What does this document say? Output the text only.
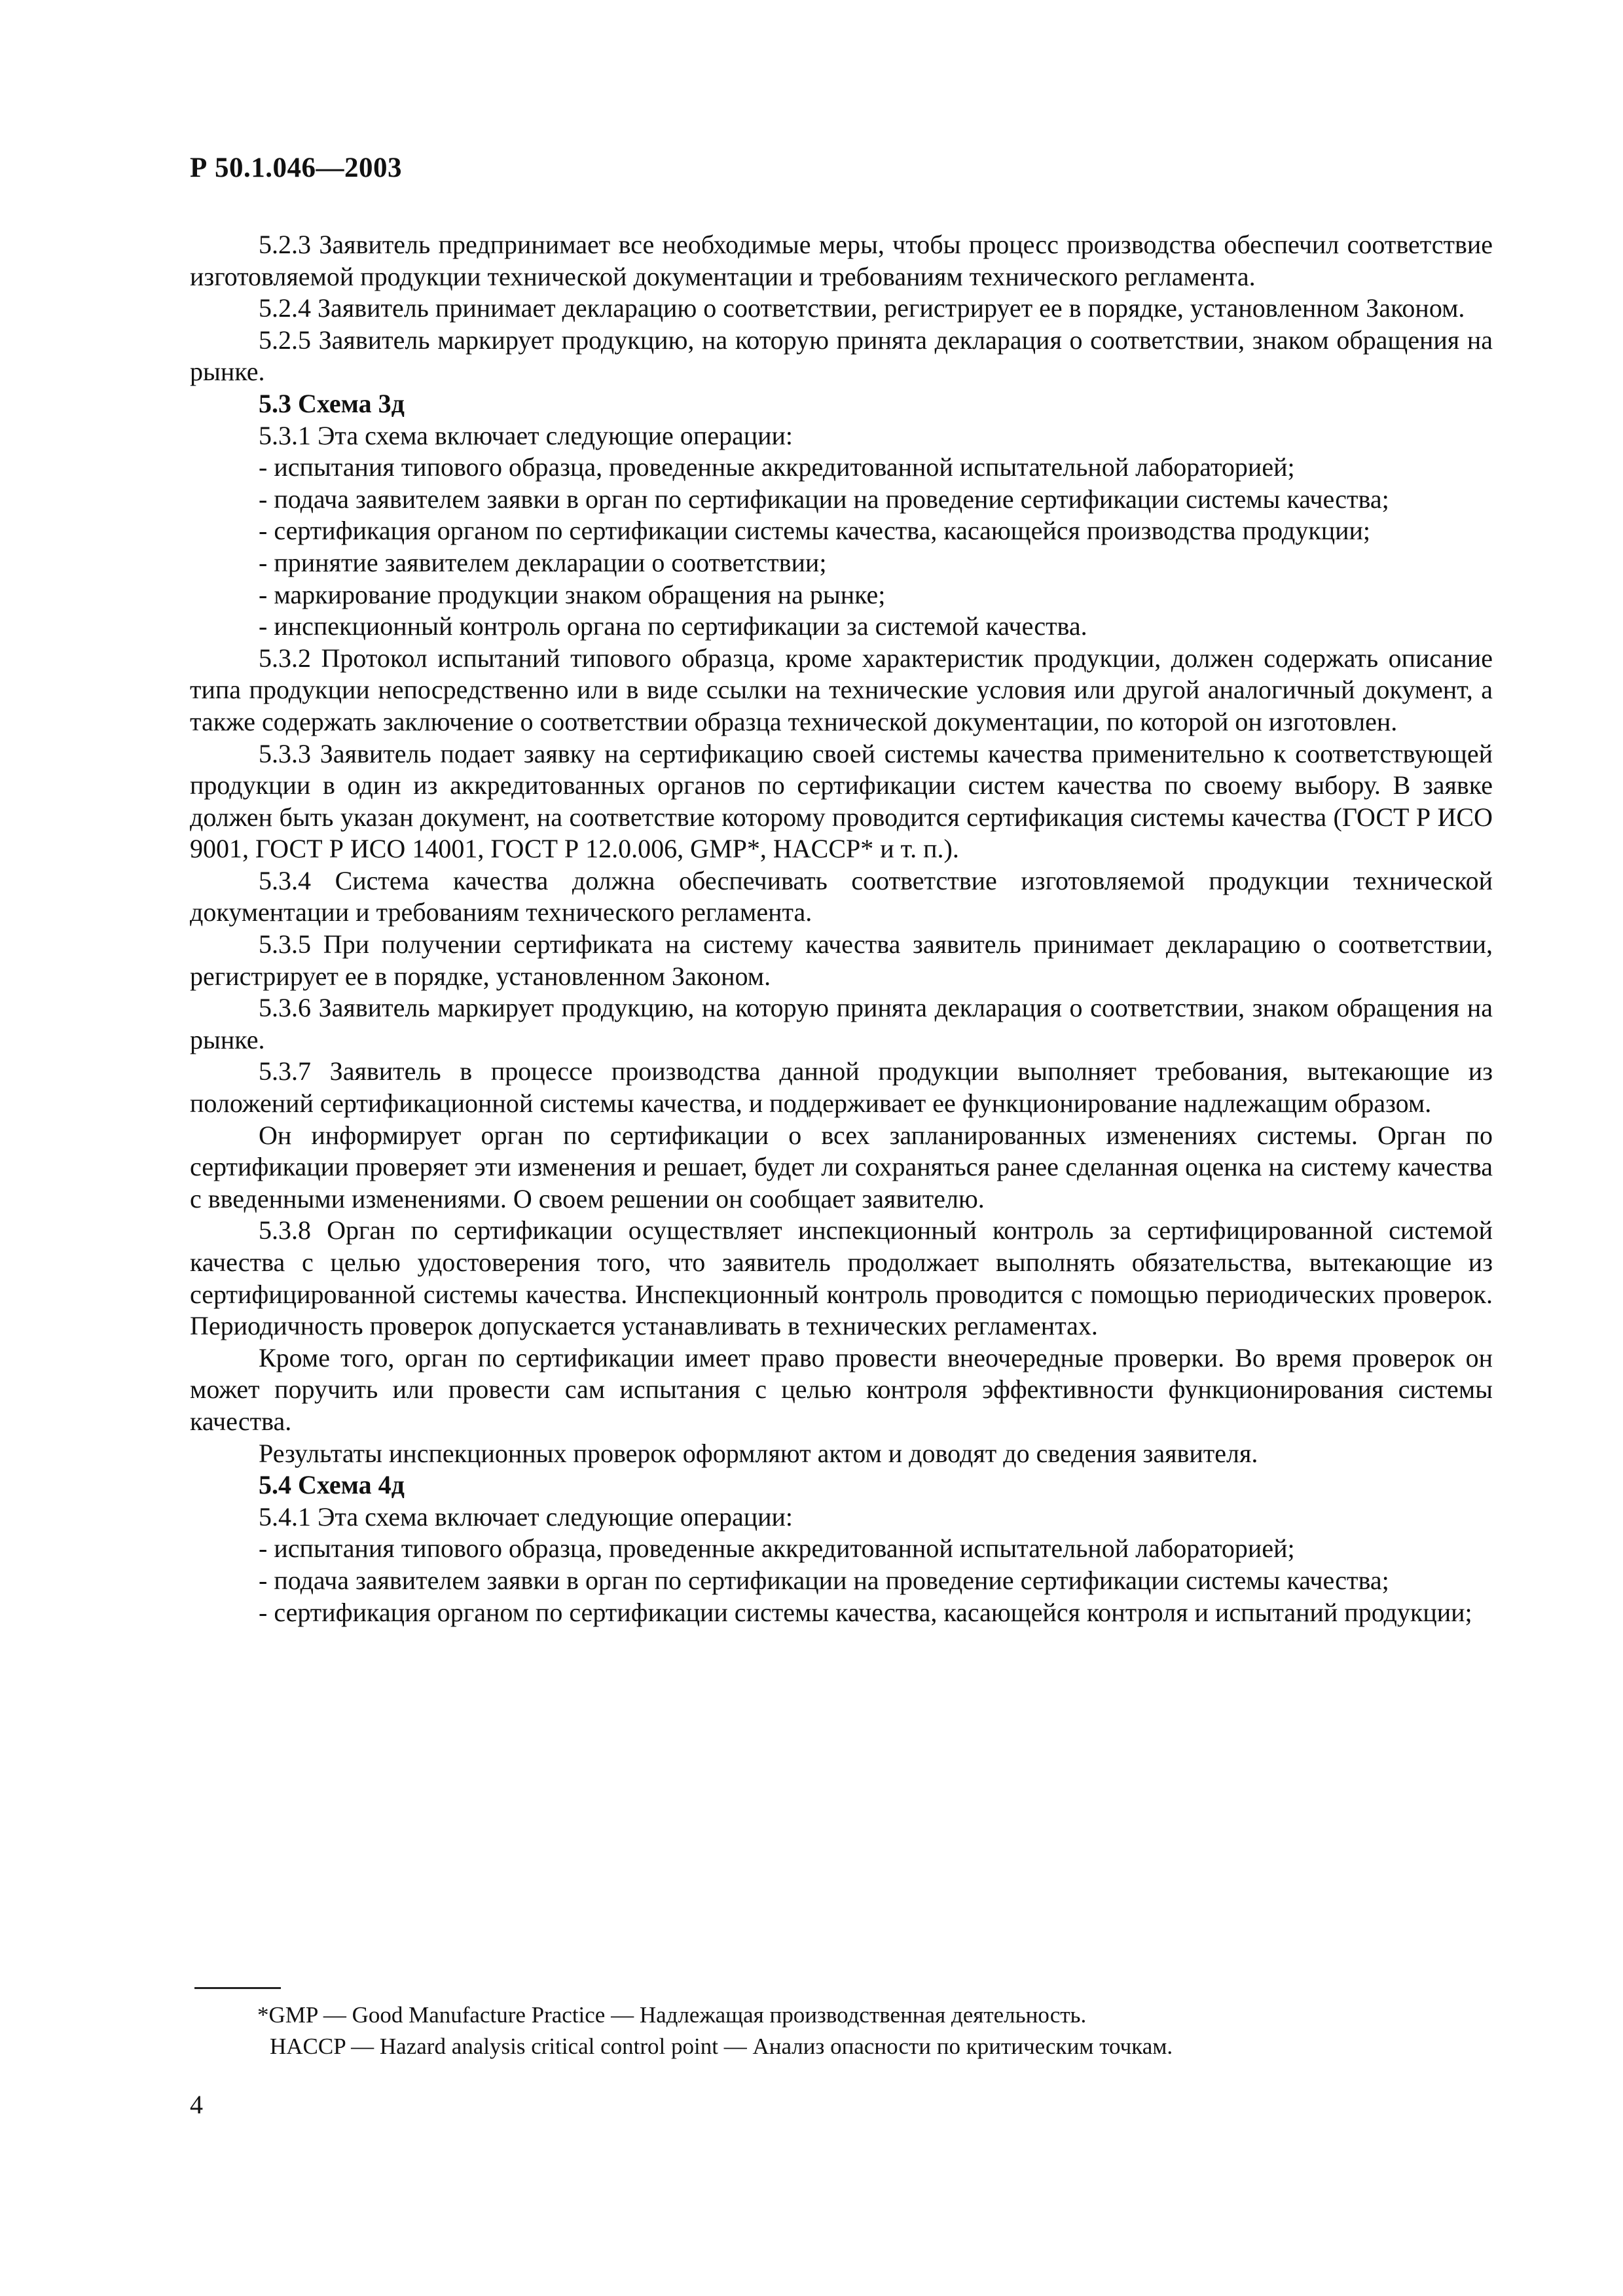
Р 50.1.046—2003

5.2.3 Заявитель предпринимает все необходимые меры, чтобы процесс производства обеспечил соответствие изготовляемой продукции технической документации и требованиям технического регламента.

5.2.4 Заявитель принимает декларацию о соответствии, регистрирует ее в порядке, установленном Законом.

5.2.5 Заявитель маркирует продукцию, на которую принята декларация о соответствии, знаком обращения на рынке.

5.3 Схема 3д

5.3.1 Эта схема включает следующие операции:

- испытания типового образца, проведенные аккредитованной испытательной лабораторией;

- подача заявителем заявки в орган по сертификации на проведение сертификации системы качества;

- сертификация органом по сертификации системы качества, касающейся производства продукции;

- принятие заявителем декларации о соответствии;

- маркирование продукции знаком обращения на рынке;

- инспекционный контроль органа по сертификации за системой качества.

5.3.2 Протокол испытаний типового образца, кроме характеристик продукции, должен содержать описание типа продукции непосредственно или в виде ссылки на технические условия или другой аналогичный документ, а также содержать заключение о соответствии образца технической документации, по которой он изготовлен.

5.3.3 Заявитель подает заявку на сертификацию своей системы качества применительно к соответствующей продукции в один из аккредитованных органов по сертификации систем качества по своему выбору. В заявке должен быть указан документ, на соответствие которому проводится сертификация системы качества (ГОСТ Р ИСО 9001, ГОСТ Р ИСО 14001, ГОСТ Р 12.0.006, GMP*, HACCP* и т. п.).

5.3.4 Система качества должна обеспечивать соответствие изготовляемой продукции технической документации и требованиям технического регламента.

5.3.5 При получении сертификата на систему качества заявитель принимает декларацию о соответствии, регистрирует ее в порядке, установленном Законом.

5.3.6 Заявитель маркирует продукцию, на которую принята декларация о соответствии, знаком обращения на рынке.

5.3.7 Заявитель в процессе производства данной продукции выполняет требования, вытекающие из положений сертификационной системы качества, и поддерживает ее функционирование надлежащим образом.

Он информирует орган по сертификации о всех запланированных изменениях системы. Орган по сертификации проверяет эти изменения и решает, будет ли сохраняться ранее сделанная оценка на систему качества с введенными изменениями. О своем решении он сообщает заявителю.

5.3.8 Орган по сертификации осуществляет инспекционный контроль за сертифицированной системой качества с целью удостоверения того, что заявитель продолжает выполнять обязательства, вытекающие из сертифицированной системы качества. Инспекционный контроль проводится с помощью периодических проверок. Периодичность проверок допускается устанавливать в технических регламентах.

Кроме того, орган по сертификации имеет право провести внеочередные проверки. Во время проверок он может поручить или провести сам испытания с целью контроля эффективности функционирования системы качества.

Результаты инспекционных проверок оформляют актом и доводят до сведения заявителя.

5.4 Схема 4д

5.4.1 Эта схема включает следующие операции:

- испытания типового образца, проведенные аккредитованной испытательной лабораторией;

- подача заявителем заявки в орган по сертификации на проведение сертификации системы качества;

- сертификация органом по сертификации системы качества, касающейся контроля и испытаний продукции;

*GMP — Good Manufacture Practice — Надлежащая производственная деятельность.

HACCP — Hazard analysis critical control point — Анализ опасности по критическим точкам.

4
